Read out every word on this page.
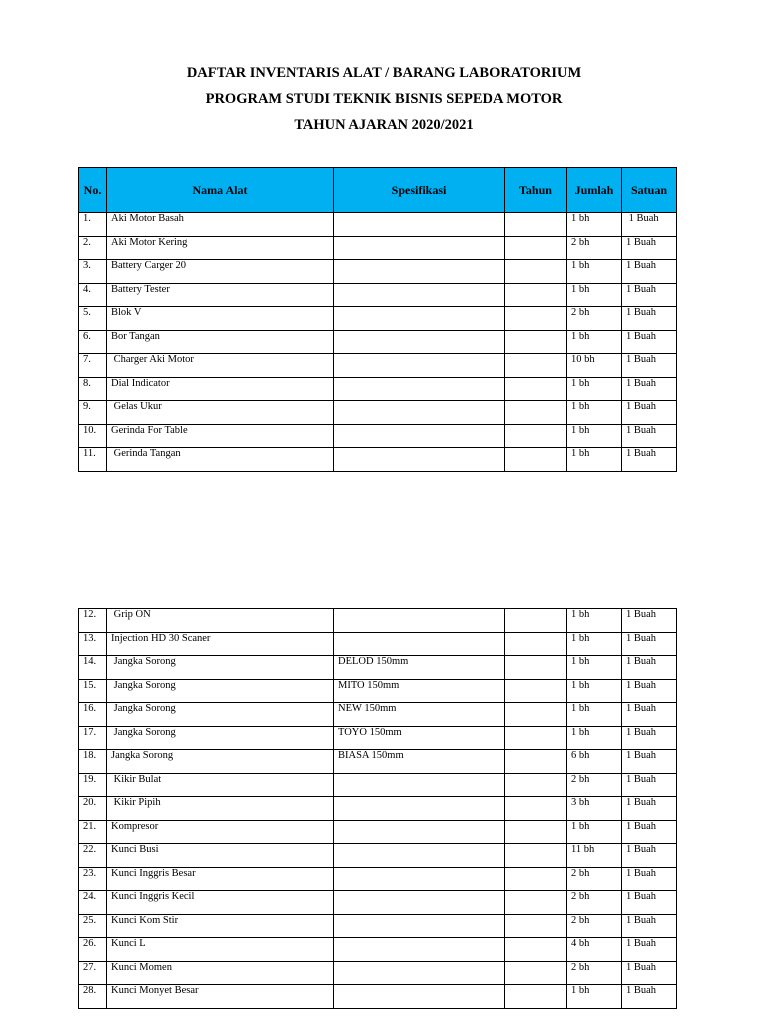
DAFTAR INVENTARIS ALAT / BARANG LABORATORIUM
PROGRAM STUDI TEKNIK BISNIS SEPEDA MOTOR
TAHUN AJARAN 2020/2021
No.	Nama Alat	Spesifikasi	Tahun	Jumlah	Satuan
1.	Aki Motor Basah			1 bh	1 Buah
2.	Aki Motor Kering			2 bh	1 Buah
3.	Battery Carger 20			1 bh	1 Buah
4.	Battery Tester			1 bh	1 Buah
5.	Blok V			2 bh	1 Buah
6.	Bor Tangan			1 bh	1 Buah
7.	Charger Aki Motor			10 bh	1 Buah
8.	Dial Indicator			1 bh	1 Buah
9.	Gelas Ukur			1 bh	1 Buah
10.	Gerinda For Table			1 bh	1 Buah
11.	Gerinda Tangan			1 bh	1 Buah
12.	Grip ON			1 bh	1 Buah
13.	Injection HD 30 Scaner			1 bh	1 Buah
14.	Jangka Sorong	DELOD 150mm		1 bh	1 Buah
15.	Jangka Sorong	MITO 150mm		1 bh	1 Buah
16.	Jangka Sorong	NEW 150mm		1 bh	1 Buah
17.	Jangka Sorong	TOYO 150mm		1 bh	1 Buah
18.	Jangka Sorong	BIASA 150mm		6 bh	1 Buah
19.	Kikir Bulat			2 bh	1 Buah
20.	Kikir Pipih			3 bh	1 Buah
21.	Kompresor			1 bh	1 Buah
22.	Kunci Busi			11 bh	1 Buah
23.	Kunci Inggris Besar			2 bh	1 Buah
24.	Kunci Inggris Kecil			2 bh	1 Buah
25.	Kunci Kom Stir			2 bh	1 Buah
26.	Kunci L			4 bh	1 Buah
27.	Kunci Momen			2 bh	1 Buah
28.	Kunci Monyet Besar			1 bh	1 Buah
